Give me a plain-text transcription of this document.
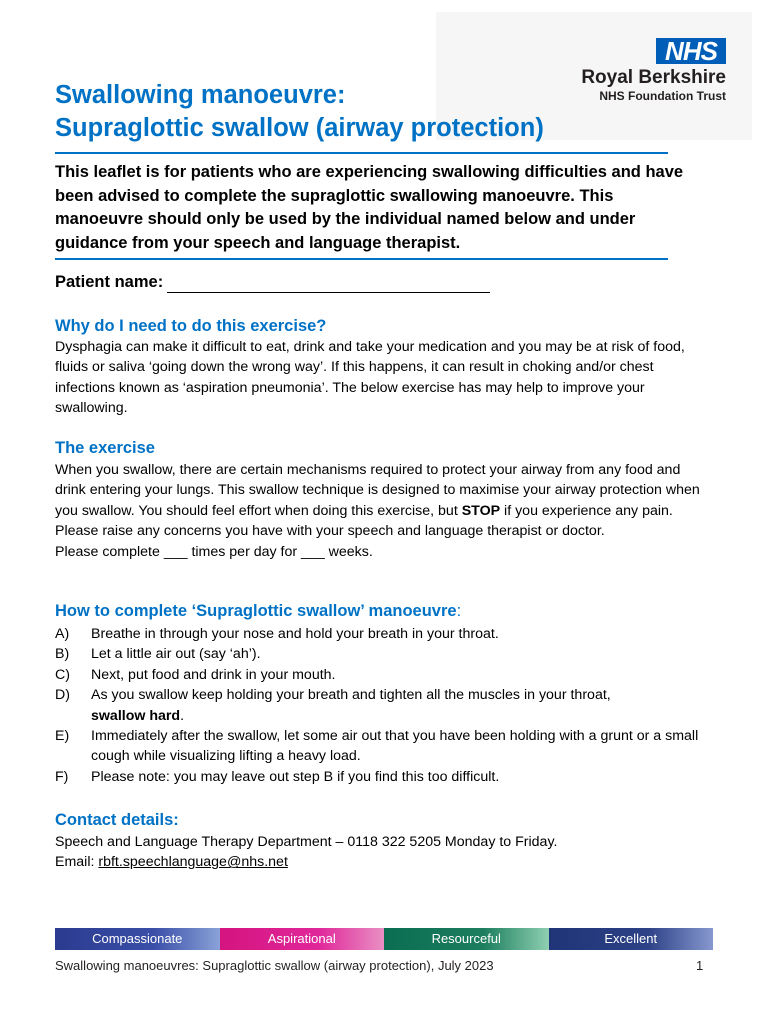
NHS
Royal Berkshire
NHS Foundation Trust
Swallowing manoeuvre:
Supraglottic swallow (airway protection)
This leaflet is for patients who are experiencing swallowing difficulties and have been advised to complete the supraglottic swallowing manoeuvre. This manoeuvre should only be used by the individual named below and under guidance from your speech and language therapist.
Patient name:
Why do I need to do this exercise?
Dysphagia can make it difficult to eat, drink and take your medication and you may be at risk of food, fluids or saliva ‘going down the wrong way’. If this happens, it can result in choking and/or chest infections known as ‘aspiration pneumonia’. The below exercise has may help to improve your swallowing.
The exercise

When you swallow, there are certain mechanisms required to protect your airway from any food and drink entering your lungs. This swallow technique is designed to maximise your airway protection when you swallow. You should feel effort when doing this exercise, but STOP if you experience any pain. Please raise any concerns you have with your speech and language therapist or doctor.

Please complete ___ times per day for ___ weeks.

How to complete ‘Supraglottic swallow’ manoeuvre:
A)	Breathe in through your nose and hold your breath in your throat.
B)	Let a little air out (say ‘ah’).
C)	Next, put food and drink in your mouth.
D)	As you swallow keep holding your breath and tighten all the muscles in your throat,
swallow hard.
E)	Immediately after the swallow, let some air out that you have been holding with a grunt or a small cough while visualizing lifting a heavy load.
F)	Please note: you may leave out step B if you find this too difficult.
Contact details:

Speech and Language Therapy Department – 0118 322 5205 Monday to Friday.

Email: rbft.speechlanguage@nhs.net

Compassionate	Aspirational	Resourceful	Excellent
Swallowing manoeuvres: Supraglottic swallow (airway protection), July 2023	1
